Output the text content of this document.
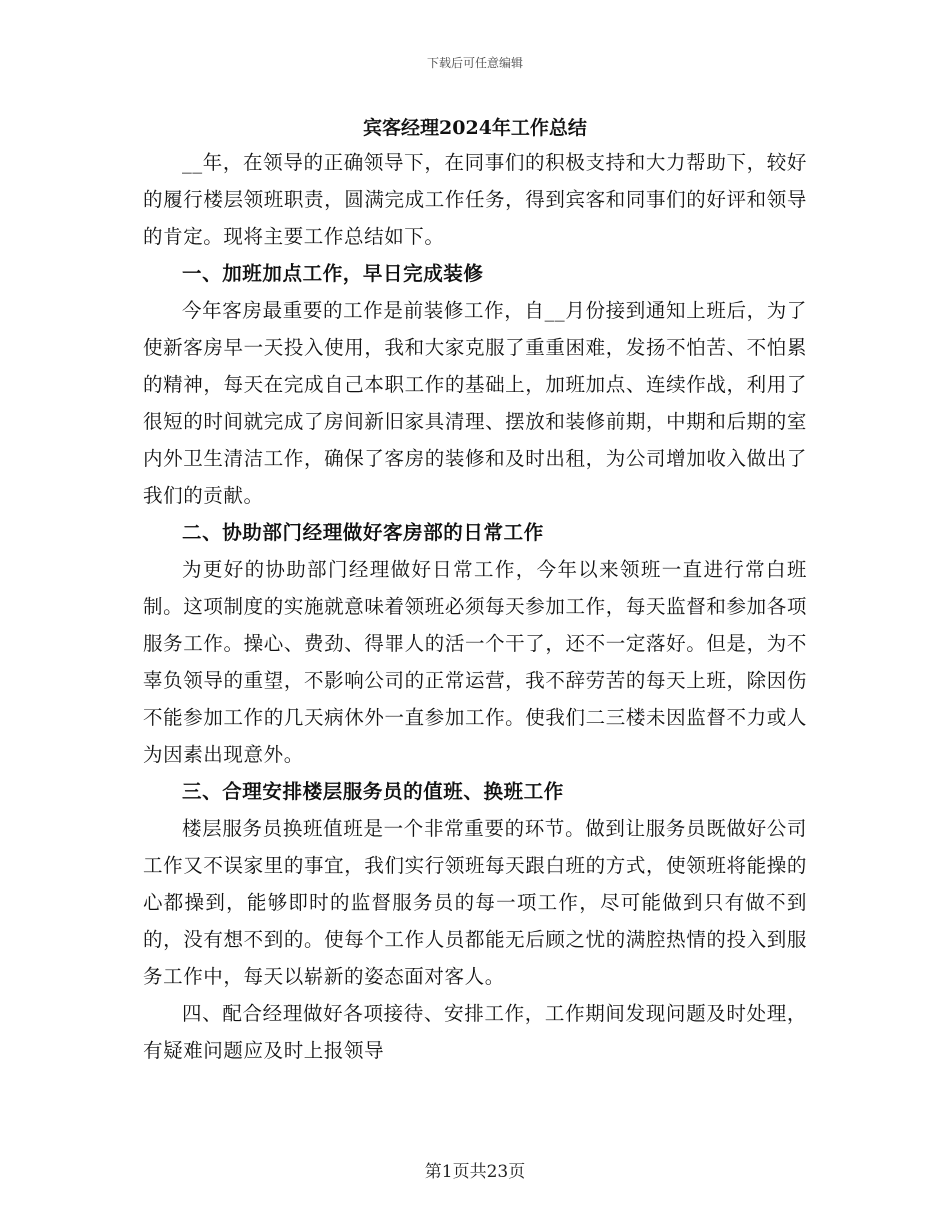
下载后可任意编辑
宾客经理2024年工作总结

__年，在领导的正确领导下，在同事们的积极支持和大力帮助下，较好的履行楼层领班职责，圆满完成工作任务，得到宾客和同事们的好评和领导的肯定。现将主要工作总结如下。

一、加班加点工作，早日完成装修

今年客房最重要的工作是前装修工作，自__月份接到通知上班后，为了使新客房早一天投入使用，我和大家克服了重重困难，发扬不怕苦、不怕累的精神，每天在完成自己本职工作的基础上，加班加点、连续作战，利用了很短的时间就完成了房间新旧家具清理、摆放和装修前期，中期和后期的室内外卫生清洁工作，确保了客房的装修和及时出租，为公司增加收入做出了我们的贡献。

二、协助部门经理做好客房部的日常工作

为更好的协助部门经理做好日常工作，今年以来领班一直进行常白班制。这项制度的实施就意味着领班必须每天参加工作，每天监督和参加各项服务工作。操心、费劲、得罪人的活一个干了，还不一定落好。但是，为不辜负领导的重望，不影响公司的正常运营，我不辞劳苦的每天上班，除因伤不能参加工作的几天病休外一直参加工作。使我们二三楼未因监督不力或人为因素出现意外。

三、合理安排楼层服务员的值班、换班工作

楼层服务员换班值班是一个非常重要的环节。做到让服务员既做好公司工作又不误家里的事宜，我们实行领班每天跟白班的方式，使领班将能操的心都操到，能够即时的监督服务员的每一项工作，尽可能做到只有做不到的，没有想不到的。使每个工作人员都能无后顾之忧的满腔热情的投入到服务工作中，每天以崭新的姿态面对客人。

四、配合经理做好各项接待、安排工作，工作期间发现问题及时处理，有疑难问题应及时上报领导

第1页共23页
